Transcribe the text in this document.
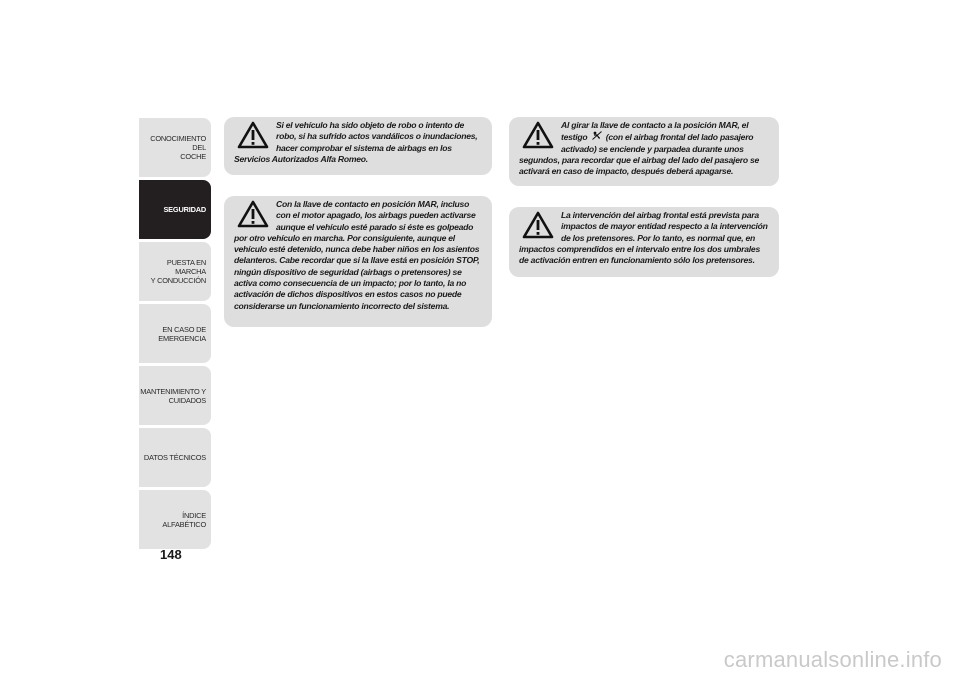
CONOCIMIENTO DEL
COCHE
SEGURIDAD
PUESTA EN MARCHA
Y CONDUCCIÓN
EN CASO DE
EMERGENCIA
MANTENIMIENTO Y
CUIDADOS
DATOS TÉCNICOS
ÍNDICE ALFABÉTICO
148

Si el vehículo ha sido objeto de robo o intento de robo, si ha sufrido actos vandálicos o inundaciones, hacer comprobar el sistema de airbags en los Servicios Autorizados Alfa Romeo.

Con la llave de contacto en posición MAR, incluso con el motor apagado, los airbags pueden activarse aunque el vehículo esté parado si éste es golpeado por otro vehículo en marcha. Por consiguiente, aunque el vehículo esté detenido, nunca debe haber niños en los asientos delanteros. Cabe recordar que si la llave está en posición STOP, ningún dispositivo de seguridad (airbags o pretensores) se activa como consecuencia de un impacto; por lo tanto, la no activación de dichos dispositivos en estos casos no puede considerarse un funcionamiento incorrecto del sistema.

Al girar la llave de contacto a la posición MAR, el testigo (con el airbag frontal del lado pasajero activado) se enciende y parpadea durante unos segundos, para recordar que el airbag del lado del pasajero se activará en caso de impacto, después deberá apagarse.

La intervención del airbag frontal está prevista para impactos de mayor entidad respecto a la intervención de los pretensores. Por lo tanto, es normal que, en impactos comprendidos en el intervalo entre los dos umbrales de activación entren en funcionamiento sólo los pretensores.

carmanualsonline.info
